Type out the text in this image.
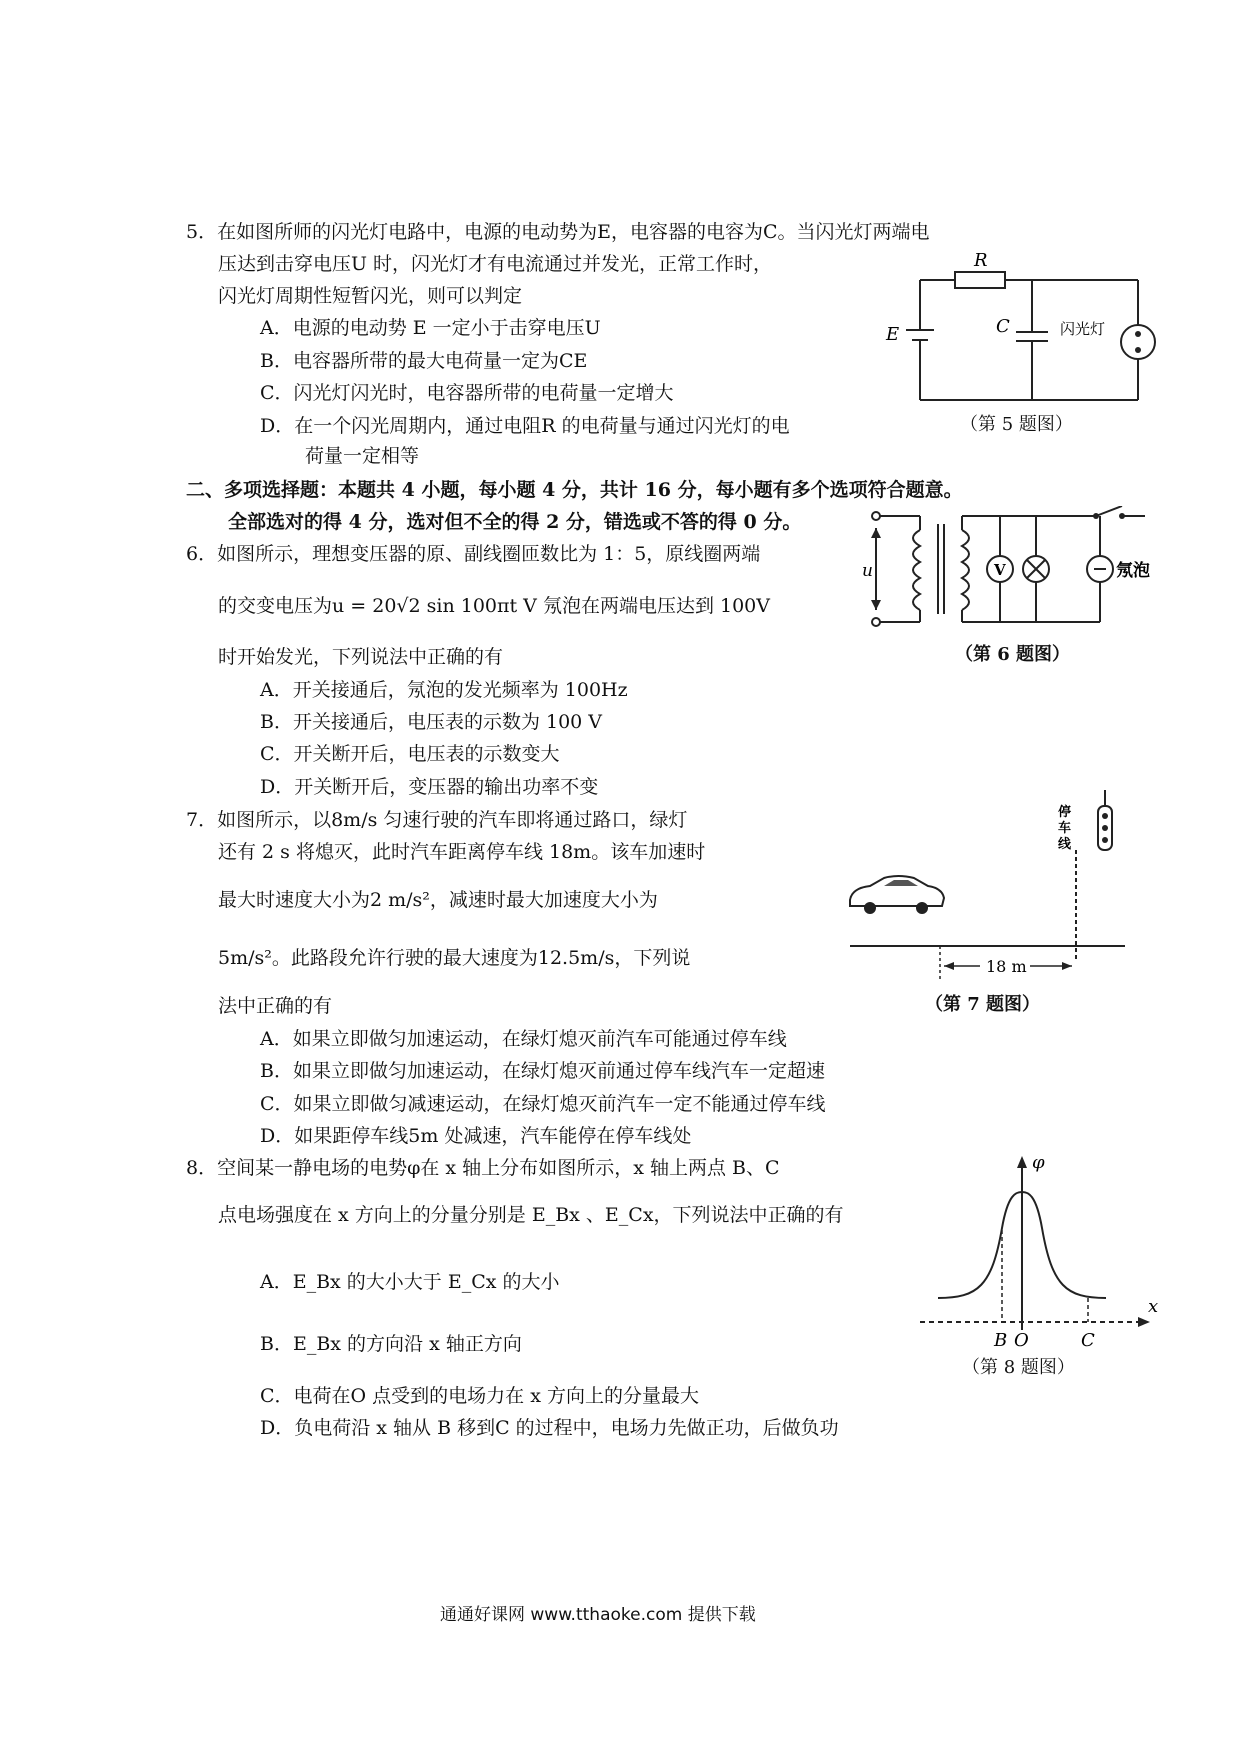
5．在如图所师的闪光灯电路中，电源的电动势为E，电容器的电容为C。当闪光灯两端电
压达到击穿电压U 时，闪光灯才有电流通过并发光，正常工作时，
闪光灯周期性短暂闪光，则可以判定
A．电源的电动势 E 一定小于击穿电压U
B．电容器所带的最大电荷量一定为CE
C．闪光灯闪光时，电容器所带的电荷量一定增大
D．在一个闪光周期内，通过电阻R 的电荷量与通过闪光灯的电
荷量一定相等
R
E	C	闪光灯
（第 5 题图）
二、多项选择题：本题共 4 小题，每小题 4 分，共计 16 分，每小题有多个选项符合题意。
全部选对的得 4 分，选对但不全的得 2 分，错选或不答的得 0 分。
6．如图所示，理想变压器的原、副线圈匝数比为 1：5，原线圈两端
的交变电压为u = 20√2 sin 100πt V 氖泡在两端电压达到 100V
时开始发光，下列说法中正确的有
A．开关接通后，氖泡的发光频率为 100Hz
B．开关接通后，电压表的示数为 100 V
C．开关断开后，电压表的示数变大
D．开关断开后，变压器的输出功率不变
V
u	氖泡
（第 6 题图）
7．如图所示，以8m/s 匀速行驶的汽车即将通过路口，绿灯
还有 2 s 将熄灭，此时汽车距离停车线 18m。该车加速时
最大时速度大小为2 m/s²，减速时最大加速度大小为
5m/s²。此路段允许行驶的最大速度为12.5m/s，下列说
法中正确的有
A．如果立即做匀加速运动，在绿灯熄灭前汽车可能通过停车线
B．如果立即做匀加速运动，在绿灯熄灭前通过停车线汽车一定超速
C．如果立即做匀减速运动，在绿灯熄灭前汽车一定不能通过停车线
D．如果距停车线5m 处减速，汽车能停在停车线处
停
车
线
18 m
（第 7 题图）
8．空间某一静电场的电势φ在 x 轴上分布如图所示，x 轴上两点 B、C
点电场强度在 x 方向上的分量分别是 E_Bx 、E_Cx，下列说法中正确的有
A．E_Bx 的大小大于 E_Cx 的大小
B．E_Bx 的方向沿 x 轴正方向
C．电荷在O 点受到的电场力在 x 方向上的分量最大
D．负电荷沿 x 轴从 B 移到C 的过程中，电场力先做正功，后做负功
φ
x
B O	C
（第 8 题图）
通通好课网 www.tthaoke.com 提供下载
